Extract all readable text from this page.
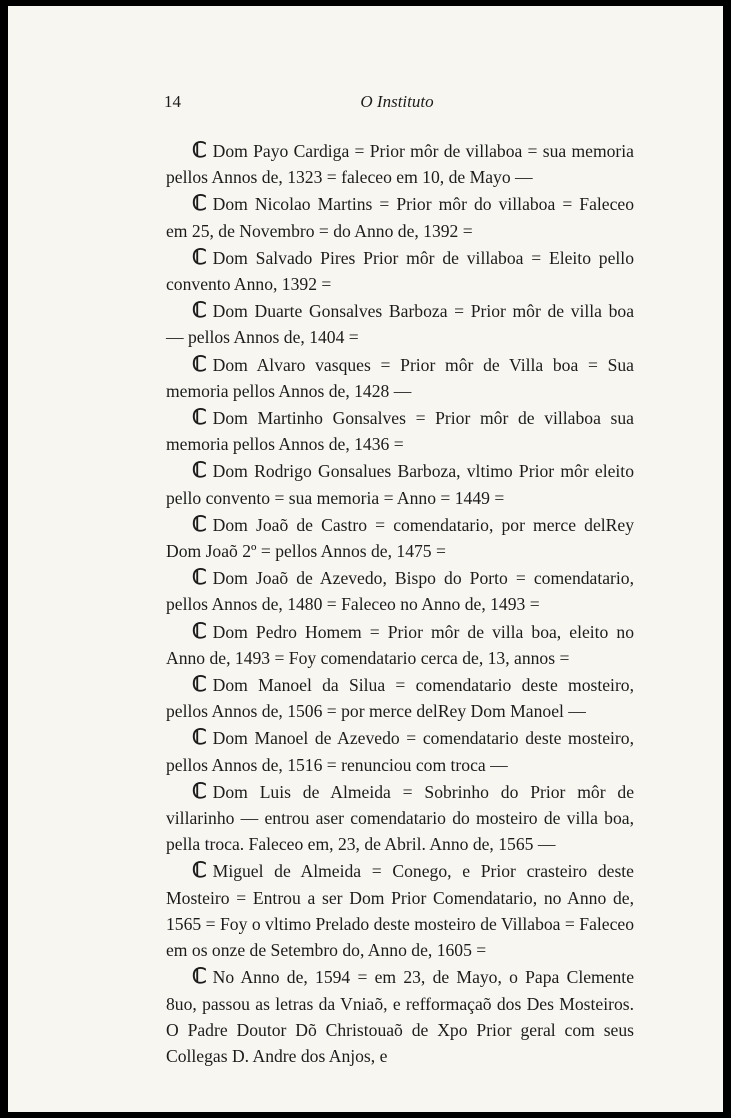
14	O Instituto

ℂ Dom Payo Cardiga = Prior môr de villaboa = sua memoria pellos Annos de, 1323 = faleceo em 10, de Mayo —

ℂ Dom Nicolao Martins = Prior môr do villaboa = Faleceo em 25, de Novembro = do Anno de, 1392 =

ℂ Dom Salvado Pires Prior môr de villaboa = Eleito pello convento Anno, 1392 =

ℂ Dom Duarte Gonsalves Barboza = Prior môr de villa boa — pellos Annos de, 1404 =

ℂ Dom Alvaro vasques = Prior môr de Villa boa = Sua memoria pellos Annos de, 1428 —

ℂ Dom Martinho Gonsalves = Prior môr de villaboa sua memoria pellos Annos de, 1436 =

ℂ Dom Rodrigo Gonsalues Barboza, vltimo Prior môr eleito pello convento = sua memoria = Anno = 1449 =

ℂ Dom Joaõ de Castro = comendatario, por merce delRey Dom Joaõ 2º = pellos Annos de, 1475 =

ℂ Dom Joaõ de Azevedo, Bispo do Porto = comendatario, pellos Annos de, 1480 = Faleceo no Anno de, 1493 =

ℂ Dom Pedro Homem = Prior môr de villa boa, eleito no Anno de, 1493 = Foy comendatario cerca de, 13, annos =

ℂ Dom Manoel da Silua = comendatario deste mosteiro, pellos Annos de, 1506 = por merce delRey Dom Manoel —

ℂ Dom Manoel de Azevedo = comendatario deste mosteiro, pellos Annos de, 1516 = renunciou com troca —

ℂ Dom Luis de Almeida = Sobrinho do Prior môr de villarinho — entrou aser comendatario do mosteiro de villa boa, pella troca. Faleceo em, 23, de Abril. Anno de, 1565 —

ℂ Miguel de Almeida = Conego, e Prior crasteiro deste Mosteiro = Entrou a ser Dom Prior Comendatario, no Anno de, 1565 = Foy o vltimo Prelado deste mosteiro de Villaboa = Faleceo em os onze de Setembro do, Anno de, 1605 =

ℂ No Anno de, 1594 = em 23, de Mayo, o Papa Clemente 8uo, passou as letras da Vniaõ, e refformaçaõ dos Des Mosteiros. O Padre Doutor Dõ Christouaõ de Xpo Prior geral com seus Collegas D. Andre dos Anjos, e
